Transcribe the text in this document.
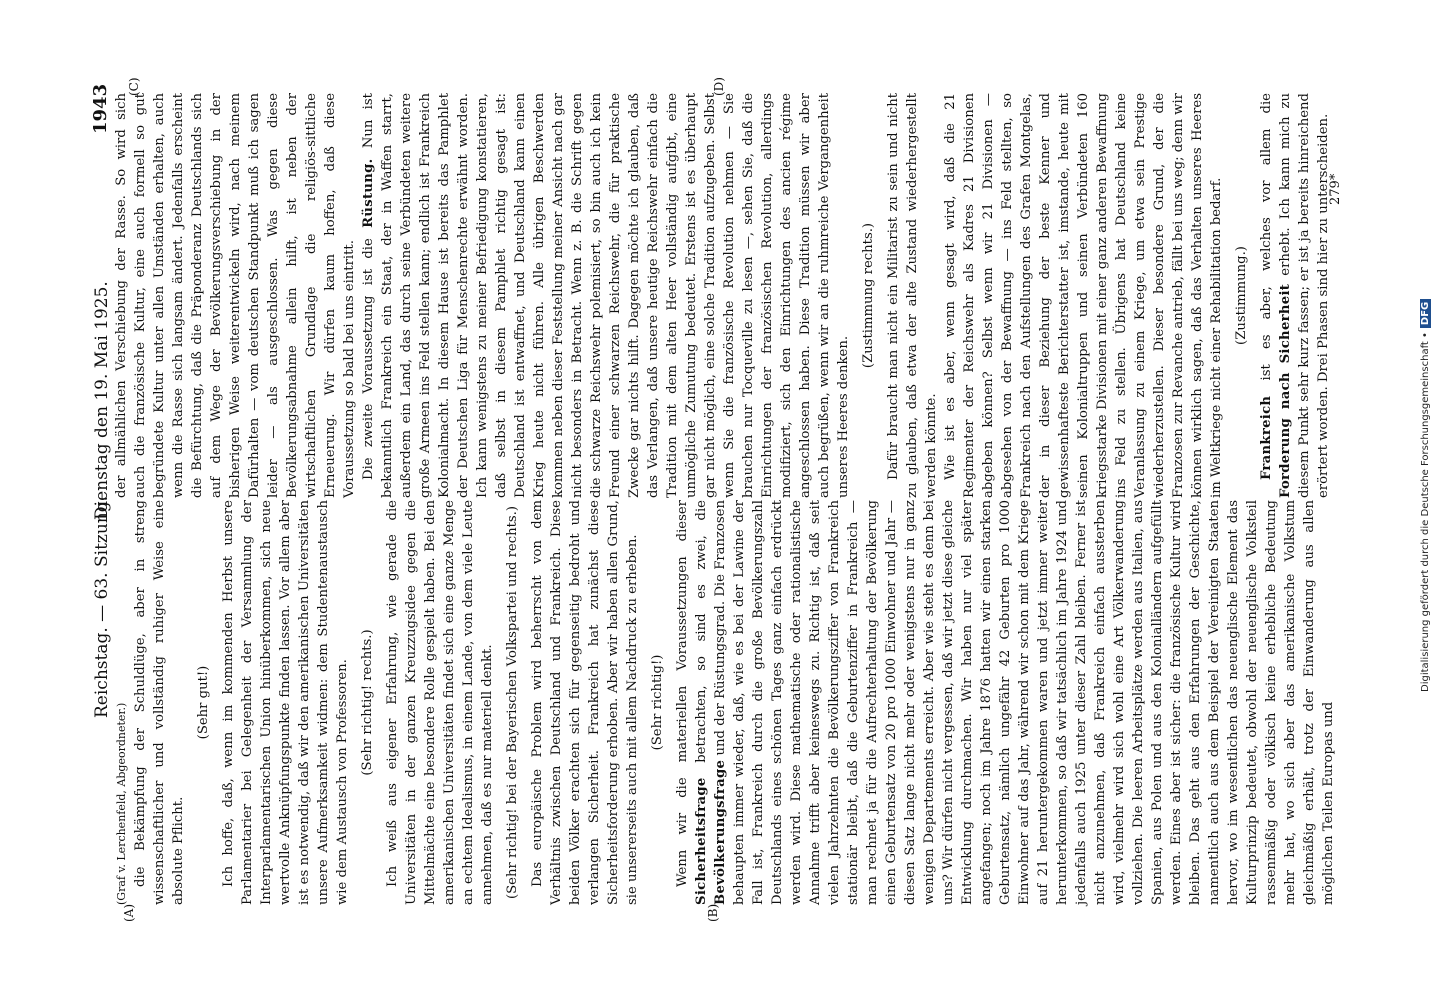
Reichstag. — 63. Sitzung.
Dienstag den 19. Mai 1925.
1943
(A)	(B)
(C)	(D)

(Graf v. Lerchenfeld, Abgeordneter.) die Bekämpfung der Schuldlüge, aber in streng wissenschaftlicher und vollständig ruhiger Weise eine absolute Pflicht.

(Sehr gut!) Ich hoffe, daß, wenn im kommenden Herbst unsere Parlamentarier bei Gelegenheit der Versammlung der Interparlamentarischen Union hinüberkommen, sich neue wertvolle Anknüpfungspunkte finden lassen. Vor allem aber ist es notwendig, daß wir den amerikanischen Universitäten unsere Aufmerksamkeit widmen: dem Studentenaustausch wie dem Austausch von Professoren. (Sehr richtig! rechts.) Ich weiß aus eigener Erfahrung, wie gerade die Universitäten in der ganzen Kreuzzugsidee gegen die Mittelmächte eine besondere Rolle gespielt haben. Bei den amerikanischen Universitäten findet sich eine ganze Menge an echtem Idealismus, in einem Lande, von dem viele Leute annehmen, daß es nur materiell denkt. (Sehr richtig! bei der Bayerischen Volkspartei und rechts.) Das europäische Problem wird beherrscht von dem Verhältnis zwischen Deutschland und Frankreich. Diese beiden Völker erachten sich für gegenseitig bedroht und verlangen Sicherheit. Frankreich hat zunächst diese Sicherheitsforderung erhoben. Aber wir haben allen Grund, sie unsererseits auch mit allem Nachdruck zu erheben. (Sehr richtig!) Wenn wir die materiellen Voraussetzungen dieser Sicherheitsfrage betrachten, so sind es zwei, die Bevölkerungsfrage und der Rüstungsgrad. Die Franzosen behaupten immer wieder, daß, wie es bei der Lawine der Fall ist, Frankreich durch die große Bevölkerungszahl Deutschlands eines schönen Tages ganz einfach erdrückt werden wird. Diese mathematische oder rationalistische Annahme trifft aber keineswegs zu. Richtig ist, daß seit vielen Jahrzehnten die Bevölkerungsziffer von Frankreich stationär bleibt, daß die Geburtenziffer in Frankreich — man rechnet ja für die Aufrechterhaltung der Bevölkerung einen Geburtensatz von 20 pro 1000 Einwohner und Jahr — diesen Satz lange nicht mehr oder wenigstens nur in ganz wenigen Departements erreicht. Aber wie steht es denn bei uns? Wir dürfen nicht vergessen, daß wir jetzt diese gleiche Entwicklung durchmachen. Wir haben nur viel später angefangen; noch im Jahre 1876 hatten wir einen starken Geburtensatz, nämlich ungefähr 42 Geburten pro 1000 Einwohner auf das Jahr, während wir schon mit dem Kriege auf 21 heruntergekommen waren und jetzt immer weiter herunterkommen, so daß wir tatsächlich im Jahre 1924 und jedenfalls auch 1925 unter dieser Zahl bleiben. Ferner ist nicht anzunehmen, daß Frankreich einfach aussterben wird, vielmehr wird sich wohl eine Art Völkerwanderung vollziehen. Die leeren Arbeitsplätze werden aus Italien, aus Spanien, aus Polen und aus den Kolonialländern aufgefüllt werden. Eines aber ist sicher: die französische Kultur wird bleiben. Das geht aus den Erfahrungen der Geschichte, namentlich auch aus dem Beispiel der Vereinigten Staaten hervor, wo im wesentlichen das neuenglische Element das Kulturprinzip bedeutet, obwohl der neuenglische Volksteil rassenmäßig oder völkisch keine erhebliche Bedeutung mehr hat, wo sich aber das amerikanische Volkstum gleichmäßig erhält, trotz der Einwanderung aus allen möglichen Teilen Europas und

der allmählichen Verschiebung der Rasse. So wird sich auch die französische Kultur, eine auch formell so gut begründete Kultur unter allen Umständen erhalten, auch wenn die Rasse sich langsam ändert. Jedenfalls erscheint die Befürchtung, daß die Präponderanz Deutschlands sich auf dem Wege der Bevölkerungsverschiebung in der bisherigen Weise weiterentwickeln wird, nach meinem Dafürhalten — vom deutschen Standpunkt muß ich sagen leider — als ausgeschlossen. Was gegen diese Bevölkerungsabnahme allein hilft, ist neben der wirtschaftlichen Grundlage die religiös-sittliche Erneuerung. Wir dürfen kaum hoffen, daß diese Voraussetzung so bald bei uns eintritt. Die zweite Voraussetzung ist die Rüstung. Nun ist bekanntlich Frankreich ein Staat, der in Waffen starrt, außerdem ein Land, das durch seine Verbündeten weitere große Armeen ins Feld stellen kann; endlich ist Frankreich Kolonialmacht. In diesem Hause ist bereits das Pamphlet der Deutschen Liga für Menschenrechte erwähnt worden. Ich kann wenigstens zu meiner Befriedigung konstatieren, daß selbst in diesem Pamphlet richtig gesagt ist: Deutschland ist entwaffnet, und Deutschland kann einen Krieg heute nicht führen. Alle übrigen Beschwerden kommen neben dieser Feststellung meiner Ansicht nach gar nicht besonders in Betracht. Wenn z. B. die Schrift gegen die schwarze Reichswehr polemisiert, so bin auch ich kein Freund einer schwarzen Reichswehr, die für praktische Zwecke gar nichts hilft. Dagegen möchte ich glauben, daß das Verlangen, daß unsere heutige Reichswehr einfach die Tradition mit dem alten Heer vollständig aufgibt, eine unmögliche Zumutung bedeutet. Erstens ist es überhaupt gar nicht möglich, eine solche Tradition aufzugeben. Selbst wenn Sie die französische Revolution nehmen — Sie brauchen nur Tocqueville zu lesen —, sehen Sie, daß die Einrichtungen der französischen Revolution, allerdings modifiziert, sich den Einrichtungen des ancien régime angeschlossen haben. Diese Tradition müssen wir aber auch begrüßen, wenn wir an die ruhmreiche Vergangenheit unseres Heeres denken.

(Zustimmung rechts.) Dafür braucht man nicht ein Militarist zu sein und nicht zu glauben, daß etwa der alte Zustand wiederhergestellt werden könnte. Wie ist es aber, wenn gesagt wird, daß die 21 Regimenter der Reichswehr als Kadres 21 Divisionen abgeben können? Selbst wenn wir 21 Divisionen — abgesehen von der Bewaffnung — ins Feld stellten, so Frankreich nach den Aufstellungen des Grafen Montgelas, der in dieser Beziehung der beste Kenner und gewissenhafteste Berichterstatter ist, imstande, heute mit seinen Kolonialtruppen und seinen Verbündeten 160 kriegsstarke Divisionen mit einer ganz anderen Bewaffnung ins Feld zu stellen. Übrigens hat Deutschland keine Veranlassung zu einem Kriege, um etwa sein Prestige wiederherzustellen. Dieser besondere Grund, der die Franzosen zur Revanche antrieb, fällt bei uns weg; denn wir können wirklich sagen, daß das Verhalten unseres Heeres im Weltkriege nicht einer Rehabilitation bedarf. (Zustimmung.)

Frankreich ist es aber, welches vor allem die Forderung nach Sicherheit erhebt. Ich kann mich zu diesem Punkt sehr kurz fassen; er ist ja bereits hinreichend erörtert worden. Drei Phasen sind hier zu unterscheiden.

279*
Digitalisierung gefördert durch die Deutsche Forschungsgemeinschaft •DFG
